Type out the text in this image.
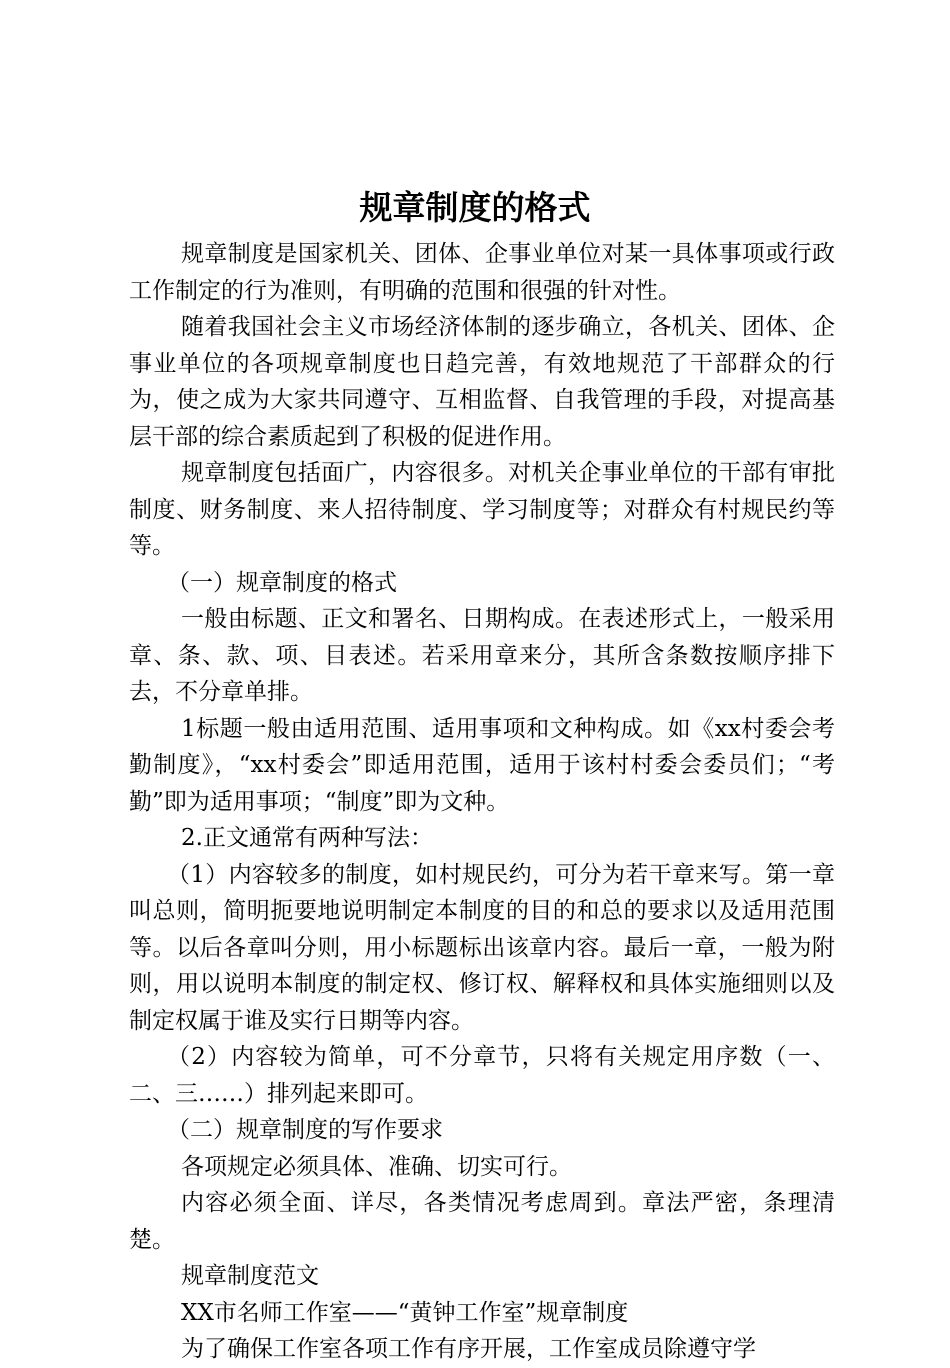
规章制度的格式

规章制度是国家机关、团体、企事业单位对某一具体事项或行政工作制定的行为准则，有明确的范围和很强的针对性。

随着我国社会主义市场经济体制的逐步确立，各机关、团体、企事业单位的各项规章制度也日趋完善，有效地规范了干部群众的行为，使之成为大家共同遵守、互相监督、自我管理的手段，对提高基层干部的综合素质起到了积极的促进作用。

规章制度包括面广，内容很多。对机关企事业单位的干部有审批制度、财务制度、来人招待制度、学习制度等；对群众有村规民约等等。

（一）规章制度的格式

一般由标题、正文和署名、日期构成。在表述形式上，一般采用章、条、款、项、目表述。若采用章来分，其所含条数按顺序排下去，不分章单排。

1标题一般由适用范围、适用事项和文种构成。如《xx村委会考勤制度》，“xx村委会”即适用范围，适用于该村村委会委员们；“考勤”即为适用事项；“制度”即为文种。

2.正文通常有两种写法：

（1）内容较多的制度，如村规民约，可分为若干章来写。第一章叫总则，简明扼要地说明制定本制度的目的和总的要求以及适用范围等。以后各章叫分则，用小标题标出该章内容。最后一章，一般为附则，用以说明本制度的制定权、修订权、解释权和具体实施细则以及制定权属于谁及实行日期等内容。

（2）内容较为简单，可不分章节，只将有关规定用序数（一、二、三……）排列起来即可。

（二）规章制度的写作要求

各项规定必须具体、准确、切实可行。

内容必须全面、详尽，各类情况考虑周到。章法严密，条理清楚。

规章制度范文

XX市名师工作室——“黄钟工作室”规章制度

为了确保工作室各项工作有序开展，工作室成员除遵守学
